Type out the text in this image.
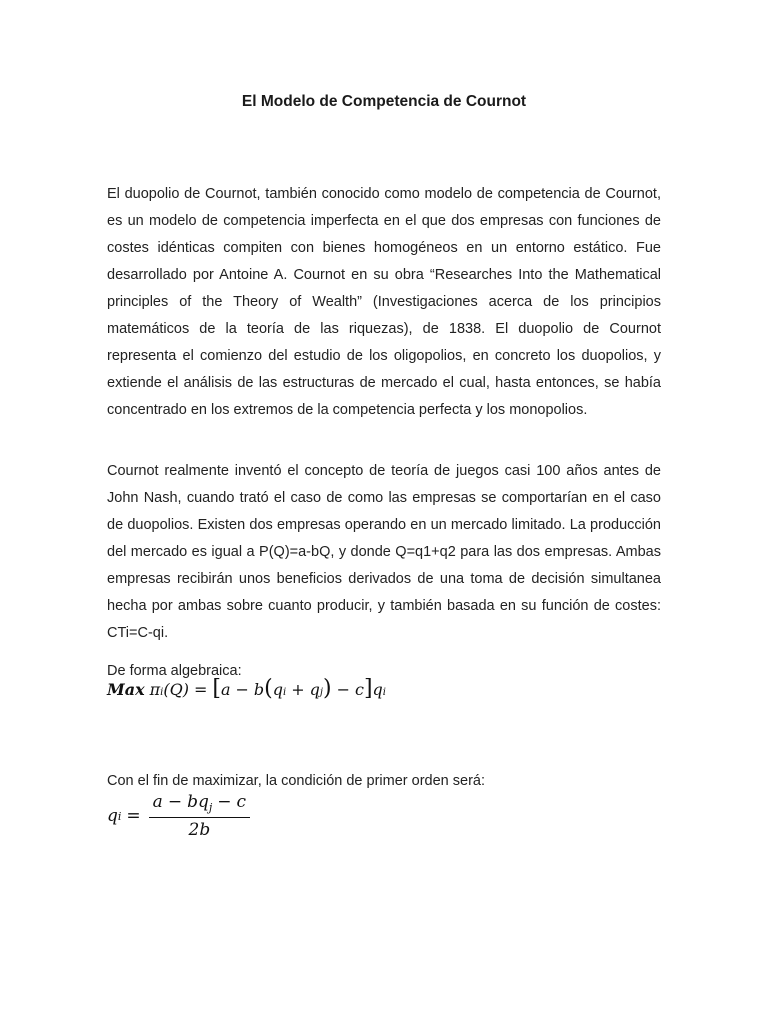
El Modelo de Competencia de Cournot

El duopolio de Cournot, también conocido como modelo de competencia de Cournot, es un modelo de competencia imperfecta en el que dos empresas con funciones de costes idénticas compiten con bienes homogéneos en un entorno estático. Fue desarrollado por Antoine A. Cournot en su obra “Researches Into the Mathematical principles of the Theory of Wealth” (Investigaciones acerca de los principios matemáticos de la teoría de las riquezas), de 1838. El duopolio de Cournot representa el comienzo del estudio de los oligopolios, en concreto los duopolios, y extiende el análisis de las estructuras de mercado el cual, hasta entonces, se había concentrado en los extremos de la competencia perfecta y los monopolios.

Cournot realmente inventó el concepto de teoría de juegos casi 100 años antes de John Nash, cuando trató el caso de como las empresas se comportarían en el caso de duopolios. Existen dos empresas operando en un mercado limitado. La producción del mercado es igual a P(Q)=a-bQ, y donde Q=q1+q2 para las dos empresas. Ambas empresas recibirán unos beneficios derivados de una toma de decisión simultanea hecha por ambas sobre cuanto producir, y también basada en su función de costes: CTi=C-qi.

De forma algebraica:

Max π i (Q) = [ a − b ( q i + q j ) − c ] q i

Con el fin de maximizar, la condición de primer orden será:

q $i = \frac{a - bq_j - c}{2b}$
